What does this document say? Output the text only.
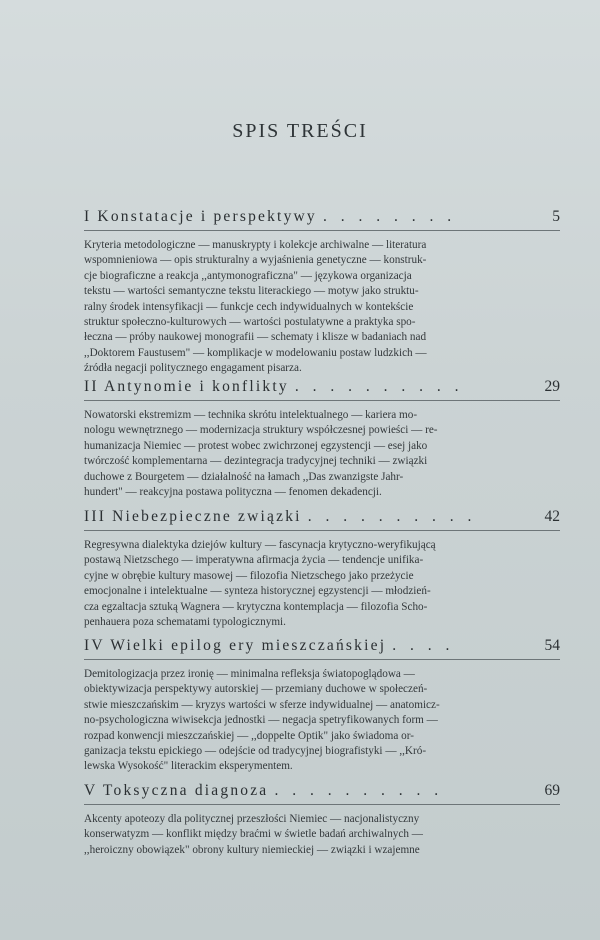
SPIS TREŚCI
I Konstatacje i perspektywy . . . . . . . .	5
Kryteria metodologiczne — manuskrypty i kolekcje archiwalne — literatura
wspomnieniowa — opis strukturalny a wyjaśnienia genetyczne — konstruk-
cje biograficzne a reakcja ,,antymonograficzna" — językowa organizacja
tekstu — wartości semantyczne tekstu literackiego — motyw jako struktu-
ralny środek intensyfikacji — funkcje cech indywidualnych w kontekście
struktur społeczno-kulturowych — wartości postulatywne a praktyka spo-
łeczna — próby naukowej monografii — schematy i klisze w badaniach nad
,,Doktorem Faustusem" — komplikacje w modelowaniu postaw ludzkich —
źródła negacji politycznego engagament pisarza.
II Antynomie i konflikty . . . . . . . . . .	29
Nowatorski ekstremizm — technika skrótu intelektualnego — kariera mo-
nologu wewnętrznego — modernizacja struktury współczesnej powieści — re-
humanizacja Niemiec — protest wobec zwichrzonej egzystencji — esej jako
twórczość komplementarna — dezintegracja tradycyjnej techniki — związki
duchowe z Bourgetem — działalność na łamach ,,Das zwanzigste Jahr-
hundert" — reakcyjna postawa polityczna — fenomen dekadencji.
III Niebezpieczne związki . . . . . . . . . .	42
Regresywna dialektyka dziejów kultury — fascynacja krytyczno-weryfikującą
postawą Nietzschego — imperatywna afirmacja życia — tendencje unifika-
cyjne w obrębie kultury masowej — filozofia Nietzschego jako przeżycie
emocjonalne i intelektualne — synteza historycznej egzystencji — młodzień-
cza egzaltacja sztuką Wagnera — krytyczna kontemplacja — filozofia Scho-
penhauera poza schematami typologicznymi.
IV Wielki epilog ery mieszczańskiej . . . .	54
Demitologizacja przez ironię — minimalna refleksja światopoglądowa —
obiektywizacja perspektywy autorskiej — przemiany duchowe w społeczeń-
stwie mieszczańskim — kryzys wartości w sferze indywidualnej — anatomicz-
no-psychologiczna wiwisekcja jednostki — negacja spetryfikowanych form —
rozpad konwencji mieszczańskiej — ,,doppelte Optik" jako świadoma or-
ganizacja tekstu epickiego — odejście od tradycyjnej biografistyki — ,,Kró-
lewska Wysokość" literackim eksperymentem.
V Toksyczna diagnoza . . . . . . . . . .	69
Akcenty apoteozy dla politycznej przeszłości Niemiec — nacjonalistyczny
konserwatyzm — konflikt między braćmi w świetle badań archiwalnych —
,,heroiczny obowiązek" obrony kultury niemieckiej — związki i wzajemne
